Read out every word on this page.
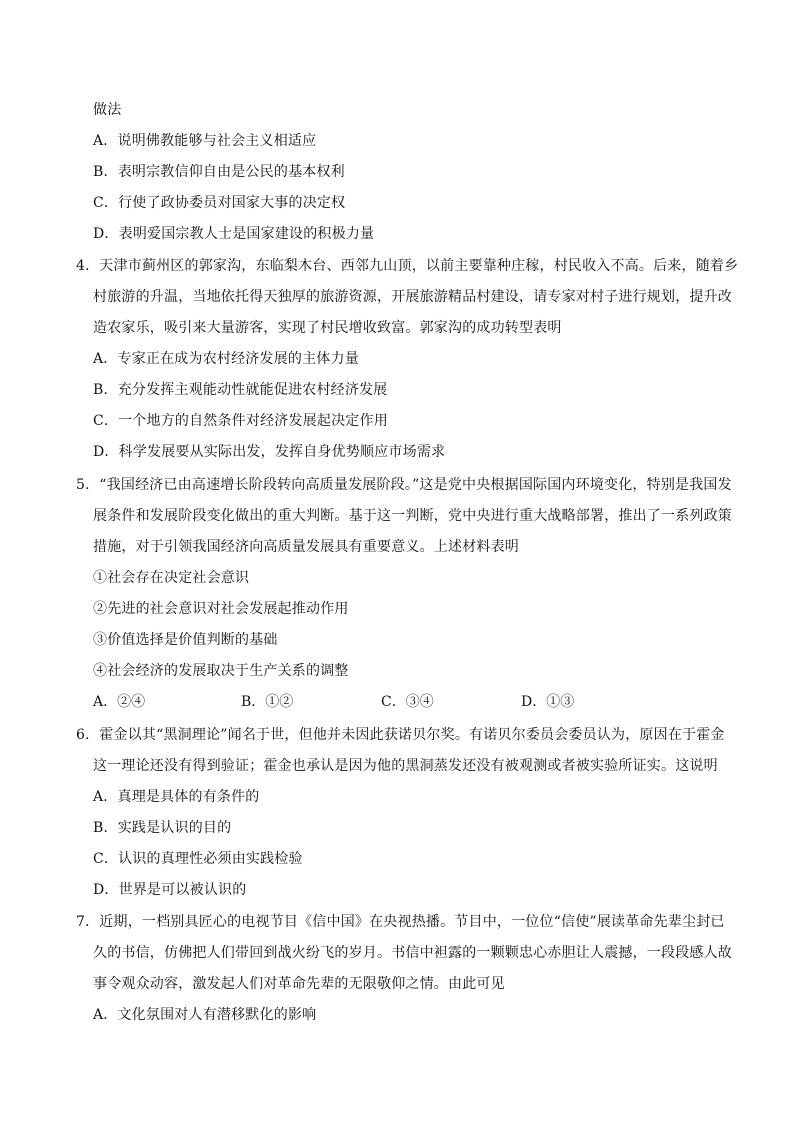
做法
A．说明佛教能够与社会主义相适应
B．表明宗教信仰自由是公民的基本权利
C．行使了政协委员对国家大事的决定权
D．表明爱国宗教人士是国家建设的积极力量
4．天津市蓟州区的郭家沟，东临梨木台、西邻九山顶，以前主要靠种庄稼，村民收入不高。后来，随着乡
村旅游的升温，当地依托得天独厚的旅游资源，开展旅游精品村建设，请专家对村子进行规划，提升改
造农家乐，吸引来大量游客，实现了村民增收致富。郭家沟的成功转型表明
A．专家正在成为农村经济发展的主体力量
B．充分发挥主观能动性就能促进农村经济发展
C．一个地方的自然条件对经济发展起决定作用
D．科学发展要从实际出发，发挥自身优势顺应市场需求
5．“我国经济已由高速增长阶段转向高质量发展阶段。”这是党中央根据国际国内环境变化，特别是我国发
展条件和发展阶段变化做出的重大判断。基于这一判断，党中央进行重大战略部署，推出了一系列政策
措施，对于引领我国经济向高质量发展具有重要意义。上述材料表明
①社会存在决定社会意识
②先进的社会意识对社会发展起推动作用
③价值选择是价值判断的基础
④社会经济的发展取决于生产关系的调整
A．②④	B．①②	C．③④	D．①③
6．霍金以其“黑洞理论”闻名于世，但他并未因此获诺贝尔奖。有诺贝尔委员会委员认为，原因在于霍金
这一理论还没有得到验证；霍金也承认是因为他的黑洞蒸发还没有被观测或者被实验所证实。这说明
A．真理是具体的有条件的
B．实践是认识的目的
C．认识的真理性必须由实践检验
D．世界是可以被认识的
7．近期，一档别具匠心的电视节目《信中国》在央视热播。节目中，一位位“信使”展读革命先辈尘封已
久的书信，仿佛把人们带回到战火纷飞的岁月。书信中袒露的一颗颗忠心赤胆让人震撼，一段段感人故
事令观众动容，激发起人们对革命先辈的无限敬仰之情。由此可见
A．文化氛围对人有潜移默化的影响
